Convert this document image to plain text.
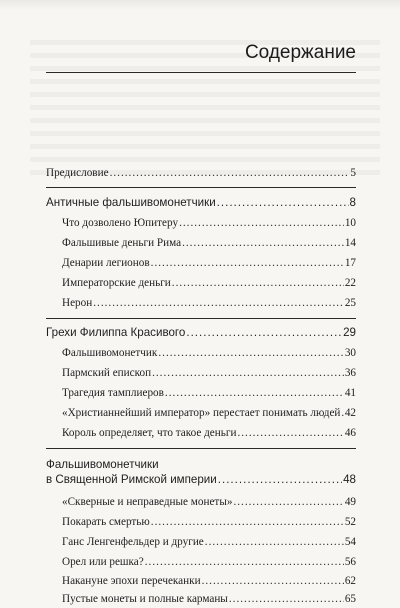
Содержание
Предисловие .....	5
Античные фальшивомонетчики .....	8
Что дозволено Юпитеру .....	10
Фальшивые деньги Рима .....	14
Денарии легионов .....	17
Императорские деньги .....	22
Нерон .....	25
Грехи Филиппа Красивого .....	29
Фальшивомонетчик .....	30
Пармский епископ .....	36
Трагедия тамплиеров .....	41
«Христианнейший император» перестает понимать людей ..... 42
Король определяет, что такое деньги .....	46
Фальшивомонетчики
в Священной Римской империи .....	48
«Скверные и неправедные монеты» .....	49
Покарать смертью .....	52
Ганс Ленгенфельдер и другие .....	54
Орел или решка? .....	56
Накануне эпохи перечеканки .....	62
Пустые монеты и полные карманы .....	65
